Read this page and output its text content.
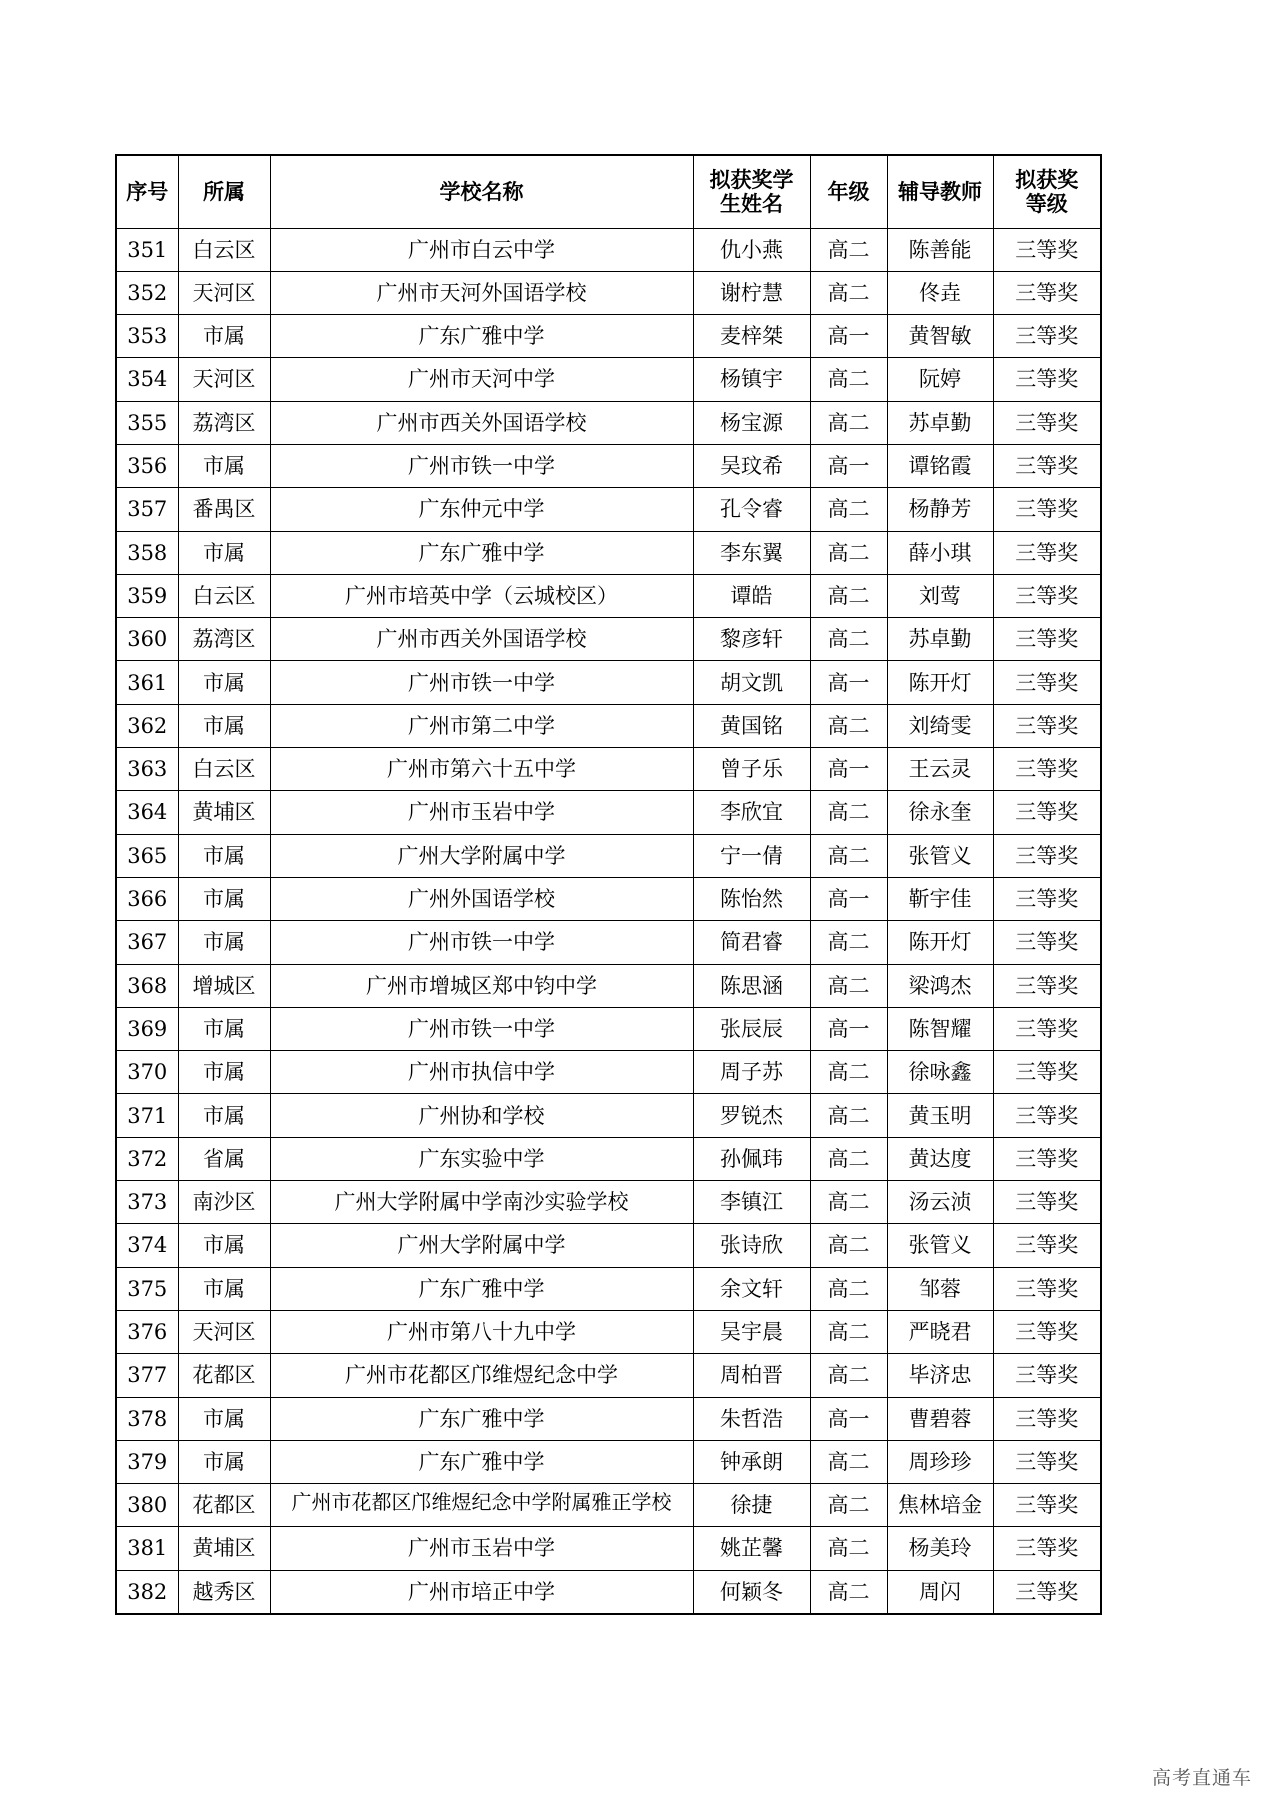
序号	所属	学校名称	拟获奖学生姓名	年级	辅导教师	拟获奖等级
351	白云区	广州市白云中学	仇小燕	高二	陈善能	三等奖
352	天河区	广州市天河外国语学校	谢柠慧	高二	佟垚	三等奖
353	市属	广东广雅中学	麦梓桀	高一	黄智敏	三等奖
354	天河区	广州市天河中学	杨镇宇	高二	阮婷	三等奖
355	荔湾区	广州市西关外国语学校	杨宝源	高二	苏卓勤	三等奖
356	市属	广州市铁一中学	吴玟希	高一	谭铭霞	三等奖
357	番禺区	广东仲元中学	孔令睿	高二	杨静芳	三等奖
358	市属	广东广雅中学	李东翼	高二	薛小琪	三等奖
359	白云区	广州市培英中学（云城校区）	谭皓	高二	刘莺	三等奖
360	荔湾区	广州市西关外国语学校	黎彦轩	高二	苏卓勤	三等奖
361	市属	广州市铁一中学	胡文凯	高一	陈开灯	三等奖
362	市属	广州市第二中学	黄国铭	高二	刘绮雯	三等奖
363	白云区	广州市第六十五中学	曾子乐	高一	王云灵	三等奖
364	黄埔区	广州市玉岩中学	李欣宜	高二	徐永奎	三等奖
365	市属	广州大学附属中学	宁一倩	高二	张管义	三等奖
366	市属	广州外国语学校	陈怡然	高一	靳宇佳	三等奖
367	市属	广州市铁一中学	简君睿	高二	陈开灯	三等奖
368	增城区	广州市增城区郑中钧中学	陈思涵	高二	梁鸿杰	三等奖
369	市属	广州市铁一中学	张辰辰	高一	陈智耀	三等奖
370	市属	广州市执信中学	周子苏	高二	徐咏鑫	三等奖
371	市属	广州协和学校	罗锐杰	高二	黄玉明	三等奖
372	省属	广东实验中学	孙佩玮	高二	黄达度	三等奖
373	南沙区	广州大学附属中学南沙实验学校	李镇江	高二	汤云浈	三等奖
374	市属	广州大学附属中学	张诗欣	高二	张管义	三等奖
375	市属	广东广雅中学	余文轩	高二	邹蓉	三等奖
376	天河区	广州市第八十九中学	吴宇晨	高二	严晓君	三等奖
377	花都区	广州市花都区邝维煜纪念中学	周柏晋	高二	毕济忠	三等奖
378	市属	广东广雅中学	朱哲浩	高一	曹碧蓉	三等奖
379	市属	广东广雅中学	钟承朗	高二	周珍珍	三等奖
380	花都区	广州市花都区邝维煜纪念中学附属雅正学校	徐捷	高二	焦林培金	三等奖
381	黄埔区	广州市玉岩中学	姚芷馨	高二	杨美玲	三等奖
382	越秀区	广州市培正中学	何颖冬	高二	周闪	三等奖
高考直通车
